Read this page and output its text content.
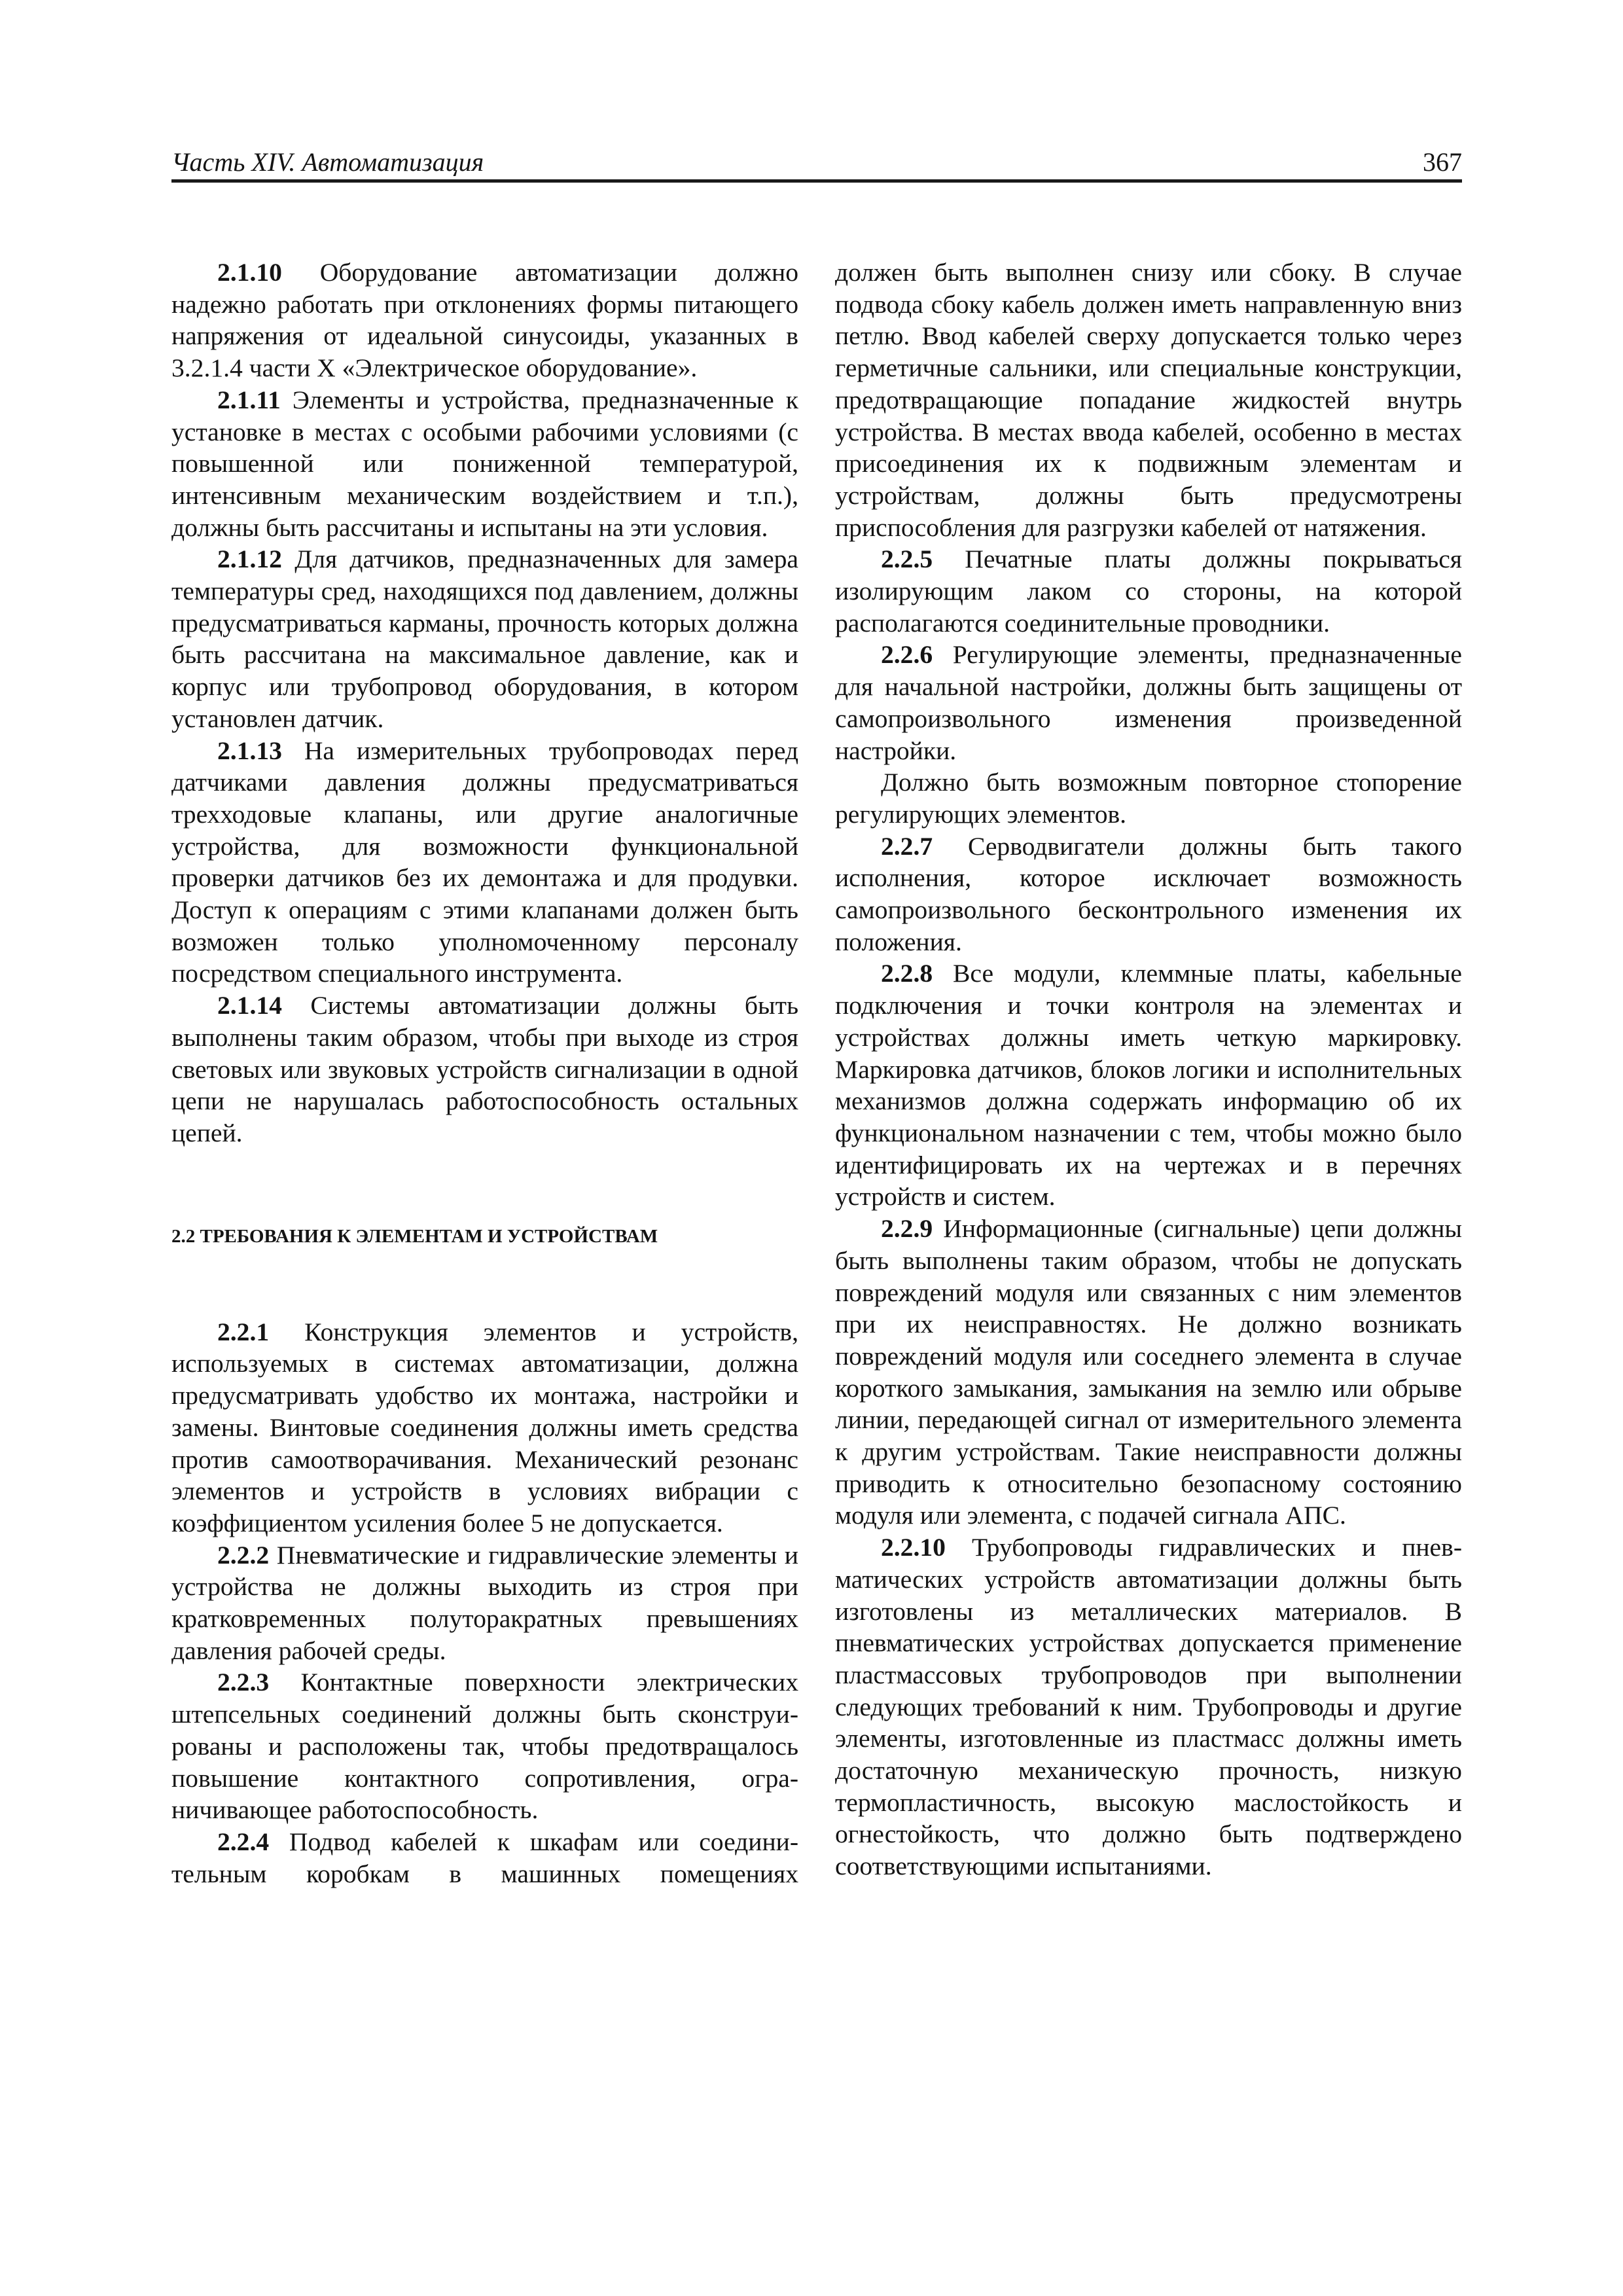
Часть XIV. Автоматизация	367

2.1.10 Оборудование автоматизации должно надежно работать при отклонениях формы питающего напряжения от идеальной синусоиды, указанных в 3.2.1.4 части X «Электрическое оборудование».

2.1.11 Элементы и устройства, предназначенные к установке в местах с особыми рабочими условиями (с повышенной или пониженной температурой, интенсивным механическим воздействием и т.п.), должны быть рассчитаны и испытаны на эти условия.

2.1.12 Для датчиков, предназначенных для замера температуры сред, находящихся под давлением, должны предусматриваться карманы, прочность которых должна быть рассчитана на максимальное давление, как и корпус или трубопровод оборудования, в котором установлен датчик.

2.1.13 На измерительных трубопроводах перед датчиками давления должны предусматриваться трехходовые клапаны, или другие аналогичные устройства, для возможности функциональной проверки датчиков без их демонтажа и для продувки. Доступ к операциям с этими клапанами должен быть возможен только уполномоченному персоналу посредством специального инструмента.

2.1.14 Системы автоматизации должны быть выполнены таким образом, чтобы при выходе из строя световых или звуковых устройств сигнализации в одной цепи не нарушалась работоспособность остальных цепей.

2.2 ТРЕБОВАНИЯ К ЭЛЕМЕНТАМ И УСТРОЙСТВАМ

2.2.1 Конструкция элементов и устройств, используемых в системах автоматизации, должна предусматривать удобство их монтажа, настройки и замены. Винтовые соединения должны иметь средства против самоотворачивания. Механический резонанс элементов и устройств в условиях вибрации с коэффициентом усиления более 5 не допускается.

2.2.2 Пневматические и гидравлические элементы и устройства не должны выходить из строя при кратковременных полуторакратных превышениях давления рабочей среды.

2.2.3 Контактные поверхности электрических штепсельных соединений должны быть сконструированы и расположены так, чтобы предотвращалось повышение контактного сопротивления, ограничивающее работоспособность.

2.2.4 Подвод кабелей к шкафам или соединительным коробкам в машинных помещениях

должен быть выполнен снизу или сбоку. В случае подвода сбоку кабель должен иметь направленную вниз петлю. Ввод кабелей сверху допускается только через герметичные сальники, или специальные конструкции, предотвращающие попадание жидкостей внутрь устройства. В местах ввода кабелей, особенно в местах присоединения их к подвижным элементам и устройствам, должны быть предусмотрены приспособления для разгрузки кабелей от натяжения.

2.2.5 Печатные платы должны покрываться изолирующим лаком со стороны, на которой располагаются соединительные проводники.

2.2.6 Регулирующие элементы, предназначенные для начальной настройки, должны быть защищены от самопроизвольного изменения произведенной настройки.

Должно быть возможным повторное стопорение регулирующих элементов.

2.2.7 Серводвигатели должны быть такого исполнения, которое исключает возможность самопроизвольного бесконтрольного изменения их положения.

2.2.8 Все модули, клеммные платы, кабельные подключения и точки контроля на элементах и устройствах должны иметь четкую маркировку. Маркировка датчиков, блоков логики и исполнительных механизмов должна содержать информацию об их функциональном назначении с тем, чтобы можно было идентифицировать их на чертежах и в перечнях устройств и систем.

2.2.9 Информационные (сигнальные) цепи должны быть выполнены таким образом, чтобы не допускать повреждений модуля или связанных с ним элементов при их неисправностях. Не должно возникать повреждений модуля или соседнего элемента в случае короткого замыкания, замыкания на землю или обрыве линии, передающей сигнал от измерительного элемента к другим устройствам. Такие неисправности должны приводить к относительно безопасному состоянию модуля или элемента, с подачей сигнала АПС.

2.2.10 Трубопроводы гидравлических и пневматических устройств автоматизации должны быть изготовлены из металлических материалов. В пневматических устройствах допускается применение пластмассовых трубопроводов при выполнении следующих требований к ним. Трубопроводы и другие элементы, изготовленные из пластмасс должны иметь достаточную механическую прочность, низкую термопластичность, высокую маслостойкость и огнестойкость, что должно быть подтверждено соответствующими испытаниями.
